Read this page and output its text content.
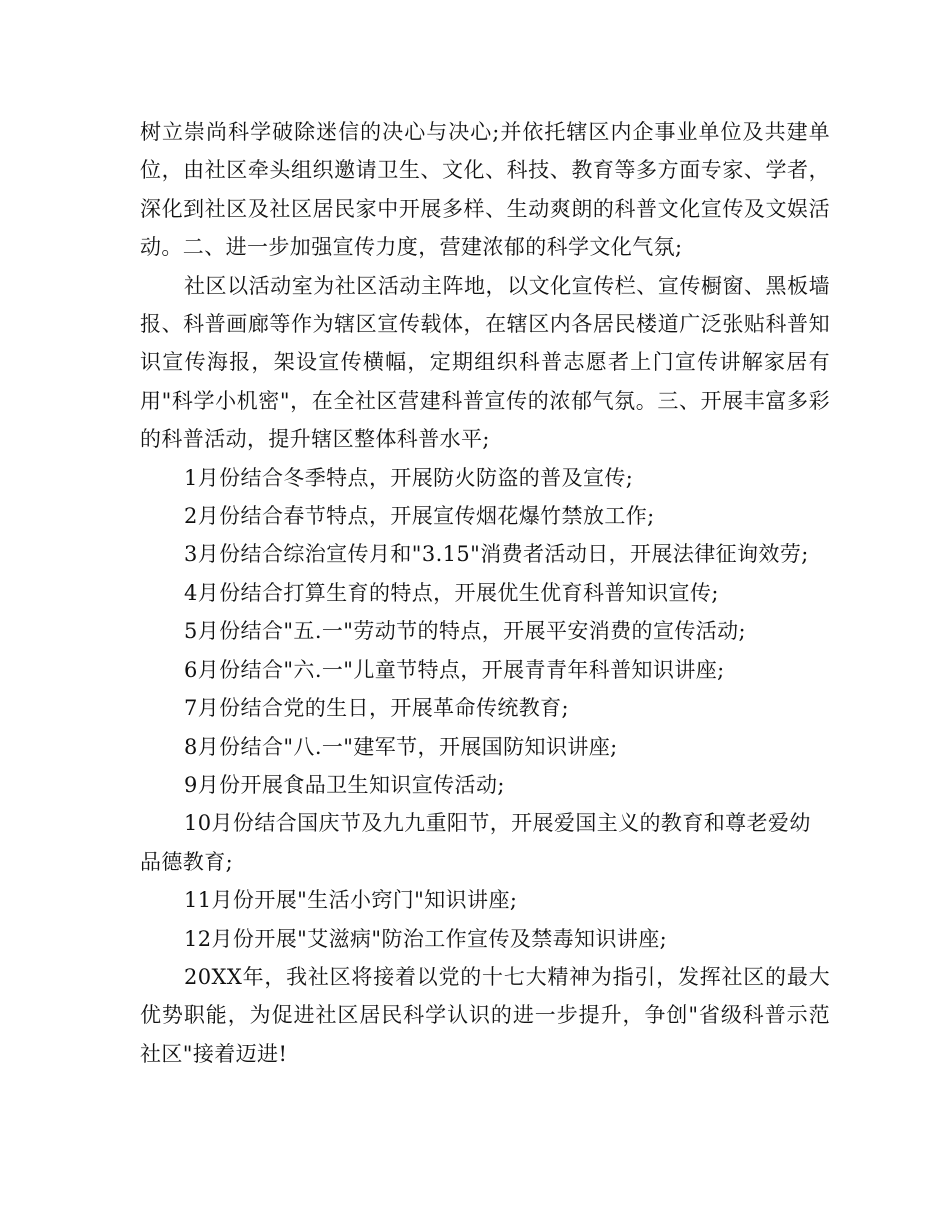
树立崇尚科学破除迷信的决心与决心;并依托辖区内企事业单位及共建单位，由社区牵头组织邀请卫生、文化、科技、教育等多方面专家、学者，深化到社区及社区居民家中开展多样、生动爽朗的科普文化宣传及文娱活动。二、进一步加强宣传力度，营建浓郁的科学文化气氛;

社区以活动室为社区活动主阵地，以文化宣传栏、宣传橱窗、黑板墙报、科普画廊等作为辖区宣传载体，在辖区内各居民楼道广泛张贴科普知识宣传海报，架设宣传横幅，定期组织科普志愿者上门宣传讲解家居有用"科学小机密"，在全社区营建科普宣传的浓郁气氛。三、开展丰富多彩的科普活动，提升辖区整体科普水平;

1月份结合冬季特点，开展防火防盗的普及宣传;

2月份结合春节特点，开展宣传烟花爆竹禁放工作;

3月份结合综治宣传月和"3.15"消费者活动日，开展法律征询效劳;

4月份结合打算生育的特点，开展优生优育科普知识宣传;

5月份结合"五.一"劳动节的特点，开展平安消费的宣传活动;

6月份结合"六.一"儿童节特点，开展青青年科普知识讲座;

7月份结合党的生日，开展革命传统教育;

8月份结合"八.一"建军节，开展国防知识讲座;

9月份开展食品卫生知识宣传活动;

10月份结合国庆节及九九重阳节，开展爱国主义的教育和尊老爱幼品德教育;

11月份开展"生活小窍门"知识讲座;

12月份开展"艾滋病"防治工作宣传及禁毒知识讲座;

20XX年，我社区将接着以党的十七大精神为指引，发挥社区的最大优势职能，为促进社区居民科学认识的进一步提升，争创"省级科普示范社区"接着迈进!
